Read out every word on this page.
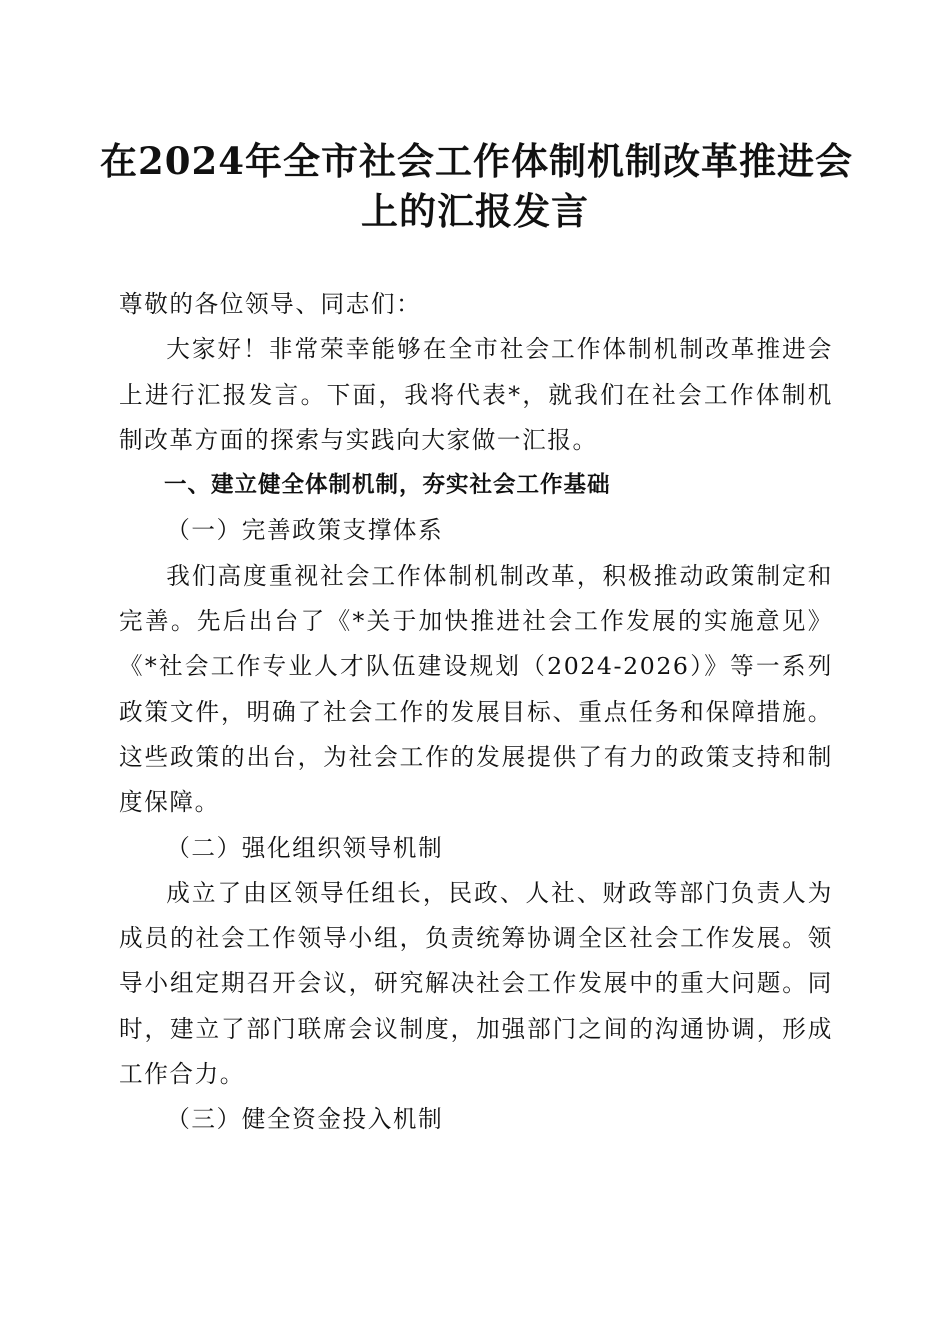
在2024年全市社会工作体制机制改革推进会
上的汇报发言

尊敬的各位领导、同志们：

大家好！非常荣幸能够在全市社会工作体制机制改革推进会上进行汇报发言。下面，我将代表*，就我们在社会工作体制机制改革方面的探索与实践向大家做一汇报。

一、建立健全体制机制，夯实社会工作基础

（一）完善政策支撑体系

我们高度重视社会工作体制机制改革，积极推动政策制定和完善。先后出台了《*关于加快推进社会工作发展的实施意见》《*社会工作专业人才队伍建设规划（2024-2026）》等一系列政策文件，明确了社会工作的发展目标、重点任务和保障措施。这些政策的出台，为社会工作的发展提供了有力的政策支持和制度保障。

（二）强化组织领导机制

成立了由区领导任组长，民政、人社、财政等部门负责人为成员的社会工作领导小组，负责统筹协调全区社会工作发展。领导小组定期召开会议，研究解决社会工作发展中的重大问题。同时，建立了部门联席会议制度，加强部门之间的沟通协调，形成工作合力。

（三）健全资金投入机制
